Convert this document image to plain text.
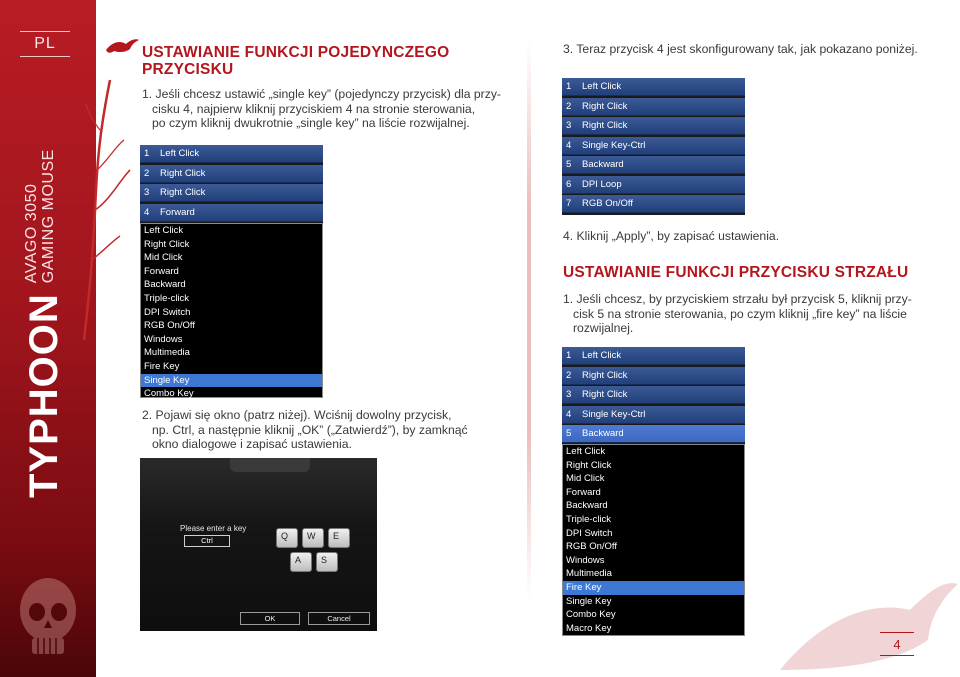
PL
TYPHOONAVAGO 3050
GAMING MOUSE
USTAWIANIE FUNKCJI POJEDYNCZEGO
PRZYCISKU
1. Jeśli chcesz ustawić „single key” (pojedynczy przycisk) dla przy-
cisku 4, najpierw kliknij przyciskiem 4 na stronie sterowania,
po czym kliknij dwukrotnie „single key” na liście rozwijalnej.
1 Left Click
2 Right Click
3 Right Click
4 Forward
Left Click
Right Click
Mid Click
Forward
Backward
Triple-click
DPI Switch
RGB On/Off
Windows
Multimedia
Fire Key
Single Key
Combo Key
2. Pojawi się okno (patrz niżej). Wciśnij dowolny przycisk,
np. Ctrl, a następnie kliknij „OK” („Zatwierdź”), by zamknąć
okno dialogowe i zapisać ustawienia.
Please enter a key
Ctrl	Q	W	E
A	S
OK	Cancel
3. Teraz przycisk 4 jest skonfigurowany tak, jak pokazano poniżej.
1 Left Click
2 Right Click
3 Right Click
4 Single Key-Ctrl
5 Backward
6 DPI Loop
7 RGB On/Off
4. Kliknij „Apply”, by zapisać ustawienia.
USTAWIANIE FUNKCJI PRZYCISKU STRZAŁU
1. Jeśli chcesz, by przyciskiem strzału był przycisk 5, kliknij przy-
cisk 5 na stronie sterowania, po czym kliknij „fire key” na liście
rozwijalnej.
1 Left Click
2 Right Click
3 Right Click
4 Single Key-Ctrl
5 Backward
Left Click
Right Click
Mid Click
Forward
Backward
Triple-click
DPI Switch
RGB On/Off
Windows
Multimedia
Fire Key
Single Key
Combo Key
Macro Key
4
